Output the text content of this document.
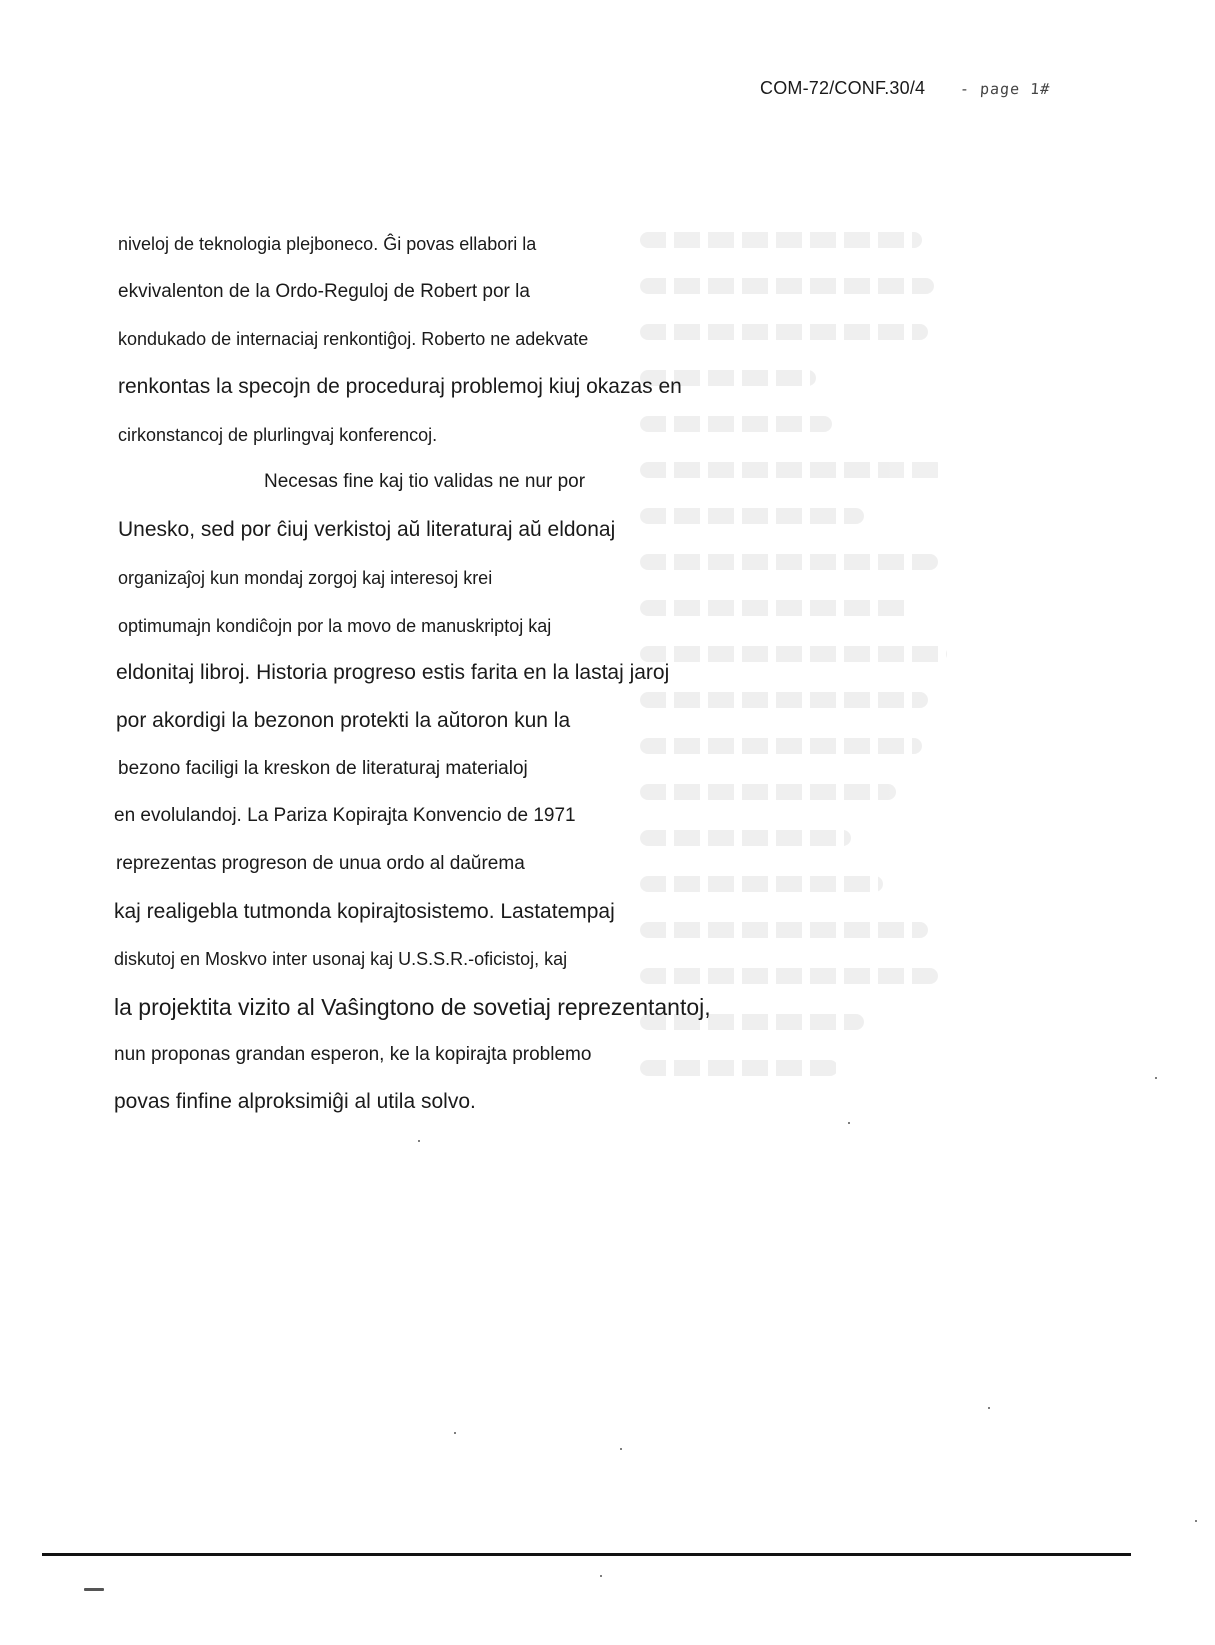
COM-72/CONF.30/4 - page 1#
niveloj de teknologia plejboneco. Ĝi povas ellabori la
ekvivalenton de la Ordo-Reguloj de Robert por la
kondukado de internaciaj renkontiĝoj. Roberto ne adekvate
renkontas la specojn de proceduraj problemoj kiuj okazas en
cirkonstancoj de plurlingvaj konferencoj.
Necesas fine kaj tio validas ne nur por
Unesko, sed por ĉiuj verkistoj aŭ literaturaj aŭ eldonaj
organizaĵoj kun mondaj zorgoj kaj interesoj krei
optimumajn kondiĉojn por la movo de manuskriptoj kaj
eldonitaj libroj. Historia progreso estis farita en la lastaj jaroj
por akordigi la bezonon protekti la aŭtoron kun la
bezono faciligi la kreskon de literaturaj materialoj
en evolulandoj. La Pariza Kopirajta Konvencio de 1971
reprezentas progreson de unua ordo al daŭrema
kaj realigebla tutmonda kopirajtosistemo. Lastatempaj
diskutoj en Moskvo inter usonaj kaj U.S.S.R.-oficistoj, kaj
la projektita vizito al Vaŝingtono de sovetiaj reprezentantoj,
nun proponas grandan esperon, ke la kopirajta problemo
povas finfine alproksimiĝi al utila solvo.
